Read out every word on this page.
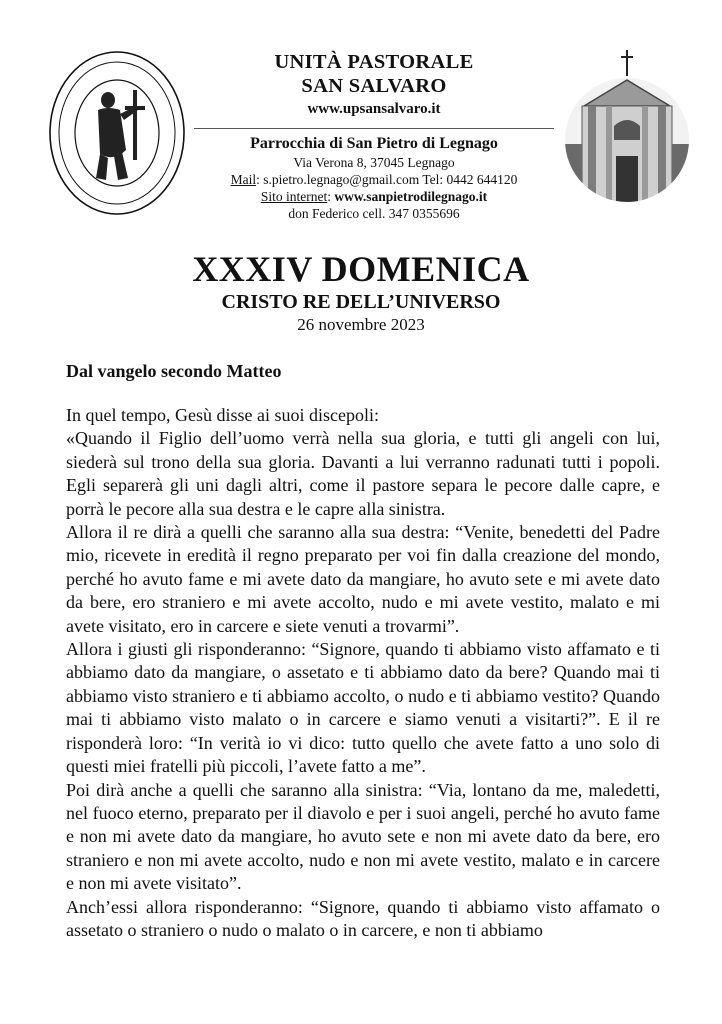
UNITÀ PASTORALE
SAN SALVARO
www.upsansalvaro.it
Parrocchia di San Pietro di Legnago
Via Verona 8, 37045 Legnago
Mail: s.pietro.legnago@gmail.com Tel: 0442 644120
Sito internet: www.sanpietrodilegnago.it
don Federico cell. 347 0355696
XXXIV DOMENICA
CRISTO RE DELL’UNIVERSO
26 novembre 2023
Dal vangelo secondo Matteo

In quel tempo, Gesù disse ai suoi discepoli:

«Quando il Figlio dell’uomo verrà nella sua gloria, e tutti gli angeli con lui, siederà sul trono della sua gloria. Davanti a lui verranno radunati tutti i popoli. Egli separerà gli uni dagli altri, come il pastore separa le pecore dalle capre, e porrà le pecore alla sua destra e le capre alla sinistra.

Allora il re dirà a quelli che saranno alla sua destra: “Venite, benedetti del Padre mio, ricevete in eredità il regno preparato per voi fin dalla creazione del mondo, perché ho avuto fame e mi avete dato da mangiare, ho avuto sete e mi avete dato da bere, ero straniero e mi avete accolto, nudo e mi avete vestito, malato e mi avete visitato, ero in carcere e siete venuti a trovarmi”.

Allora i giusti gli risponderanno: “Signore, quando ti abbiamo visto affamato e ti abbiamo dato da mangiare, o assetato e ti abbiamo dato da bere? Quando mai ti abbiamo visto straniero e ti abbiamo accolto, o nudo e ti abbiamo vestito? Quando mai ti abbiamo visto malato o in carcere e siamo venuti a visitarti?”. E il re risponderà loro: “In verità io vi dico: tutto quello che avete fatto a uno solo di questi miei fratelli più piccoli, l’avete fatto a me”.

Poi dirà anche a quelli che saranno alla sinistra: “Via, lontano da me, maledetti, nel fuoco eterno, preparato per il diavolo e per i suoi angeli, perché ho avuto fame e non mi avete dato da mangiare, ho avuto sete e non mi avete dato da bere, ero straniero e non mi avete accolto, nudo e non mi avete vestito, malato e in carcere e non mi avete visitato”.

Anch’essi allora risponderanno: “Signore, quando ti abbiamo visto affamato o assetato o straniero o nudo o malato o in carcere, e non ti abbiamo
